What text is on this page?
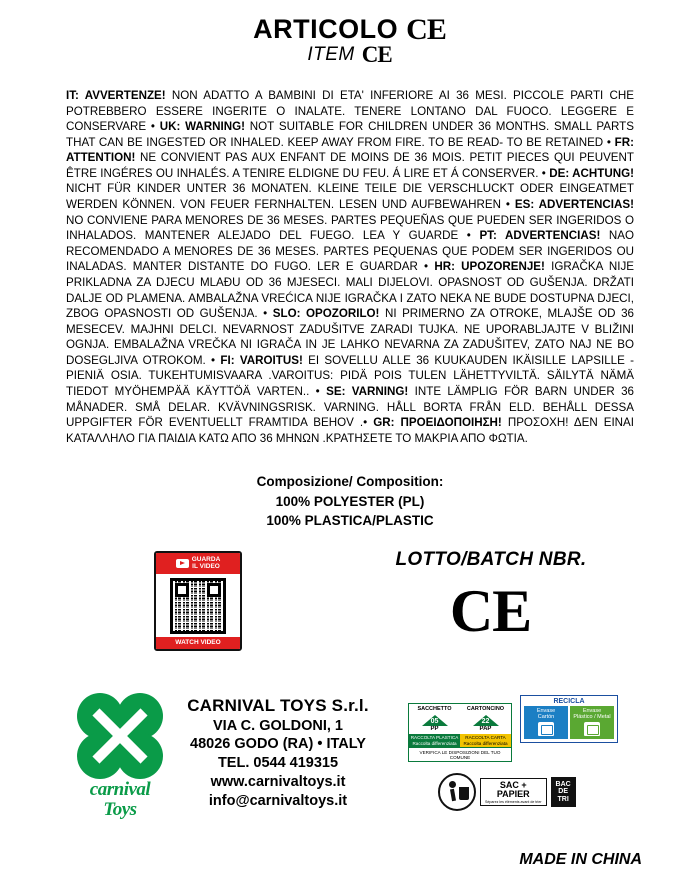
ARTICOLO C E
ITEM C E
IT: AVVERTENZE! NON ADATTO A BAMBINI DI ETA' INFERIORE AI 36 MESI. PICCOLE PARTI CHE POTREBBERO ESSERE INGERITE O INALATE. TENERE LONTANO DAL FUOCO. LEGGERE E CONSERVARE • UK: WARNING! NOT SUITABLE FOR CHILDREN UNDER 36 MONTHS. SMALL PARTS THAT CAN BE INGESTED OR INHALED. KEEP AWAY FROM FIRE. TO BE READ- TO BE RETAINED • FR: ATTENTION! NE CONVIENT PAS AUX ENFANT DE MOINS DE 36 MOIS. PETIT PIECES QUI PEUVENT ÊTRE INGÉRES OU INHALÉS. A TENIRE ELDIGNE DU FEU. Á LIRE ET Á CONSERVER. • DE: ACHTUNG! NICHT FÜR KINDER UNTER 36 MONATEN. KLEINE TEILE DIE VERSCHLUCKT ODER EINGEATMET WERDEN KÖNNEN. VON FEUER FERNHALTEN. LESEN UND AUFBEWAHREN • ES: ADVERTENCIAS! NO CONVIENE PARA MENORES DE 36 MESES. PARTES PEQUEÑAS QUE PUEDEN SER INGERIDOS O INHALADOS. MANTENER ALEJADO DEL FUEGO. LEA Y GUARDE • PT: ADVERTENCIAS! NAO RECOMENDADO A MENORES DE 36 MESES. PARTES PEQUENAS QUE PODEM SER INGERIDOS OU INALADAS. MANTER DISTANTE DO FUGO. LER E GUARDAR • HR: UPOZORENJE! IGRAČKA NIJE PRIKLADNA ZA DJECU MLAĐU OD 36 MJESECI. MALI DIJELOVI. OPASNOST OD GUŠENJA. DRŽATI DALJE OD PLAMENA. AMBALAŽNA VREĆICA NIJE IGRAČKA I ZATO NEKA NE BUDE DOSTUPNA DJECI, ZBOG OPASNOSTI OD GUŠENJA. • SLO: OPOZORILO! NI PRIMERNO ZA OTROKE, MLAJŠE OD 36 MESECEV. MAJHNI DELCI. NEVARNOST ZADUŠITVE ZARADI TUJKA. NE UPORABLJAJTE V BLIŽINI OGNJA. EMBALAŽNA VREČKA NI IGRAČA IN JE LAHKO NEVARNA ZA ZADUŠITEV, ZATO NAJ NE BO DOSEGLJIVA OTROKOM. • FI: VAROITUS! EI SOVELLU ALLE 36 KUUKAUDEN IKÄISILLE LAPSILLE - PIENIÄ OSIA. TUKEHTUMISVAARA .VAROITUS: PIDÄ POIS TULEN LÄHETTYVILTÄ. SÄILYTÄ NÄMÄ TIEDOT MYÖHEMPÄÄ KÄYTTÖÄ VARTEN.. • SE: VARNING! INTE LÄMPLIG FÖR BARN UNDER 36 MÅNADER. SMÅ DELAR. KVÄVNINGSRISK. VARNING. HÅLL BORTA FRÅN ELD. BEHÅLL DESSA UPPGIFTER FÖR EVENTUELLT FRAMTIDA BEHOV .• GR: ΠΡΟΕΙΔΟΠΟΙΗΣΗ! ΠΡΟΣΟΧΗ! ΔΕΝ ΕΙΝΑΙ ΚΑΤΑΛΛΗΛΟ ΓΙΑ ΠΑΙΔΙΑ ΚΑΤΩ ΑΠΟ 36 ΜΗΝΩΝ .ΚΡΑΤΗΣΕΤΕ ΤΟ ΜΑΚΡΙΑ ΑΠΟ ΦΩΤΙΑ.
Composizione/ Composition:
100% POLYESTER (PL)
100% PLASTICA/PLASTIC
GUARDA
IL VIDEO
WATCH VIDEO
LOTTO/BATCH NBR.
C E
carnival
Toys
CARNIVAL TOYS S.r.l.
VIA C. GOLDONI, 1
48026 GODO (RA) • ITALY
TEL. 0544 419315
www.carnivaltoys.it
info@carnivaltoys.it
SACCHETTO	CARTONCINO
05
PP
22
PAP
RACCOLTA PLASTICA
Raccolta differenziata
RACCOLTA CARTA
Raccolta differenziata
VERIFICA LE DISPOSIZIONI DEL TUO COMUNE
RECICLA
Envase
Cartón
Envase
Plástico / Metal
SAC +
PAPIER
Séparez les éléments avant de trier
BAC
DE
TRI
MADE IN CHINA
